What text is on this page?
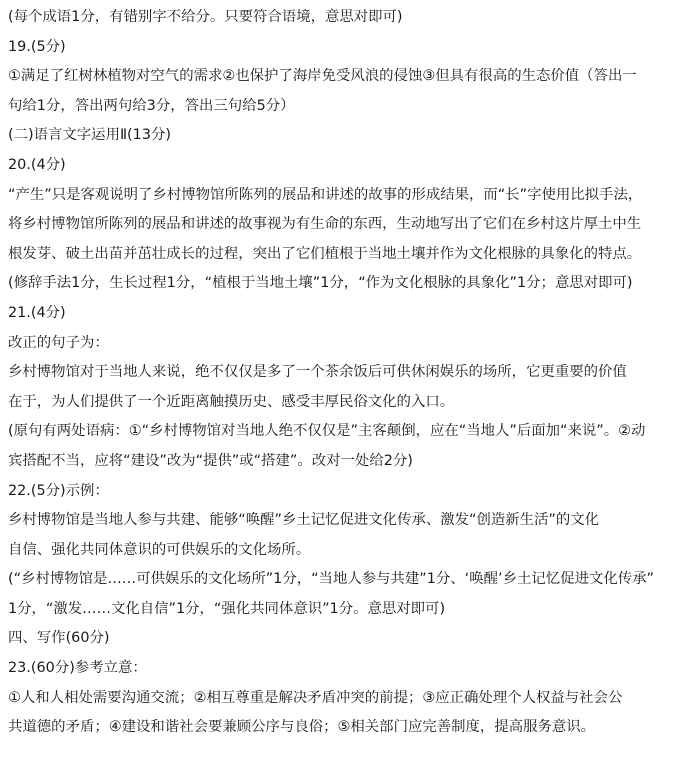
(每个成语1分，有错别字不给分。只要符合语境，意思对即可)
19.(5分)
①满足了红树林植物对空气的需求②也保护了海岸免受风浪的侵蚀③但具有很高的生态价值（答出一
句给1分，答出两句给3分，答出三句给5分）
(二)语言文字运用Ⅱ(13分)
20.(4分)
“产生”只是客观说明了乡村博物馆所陈列的展品和讲述的故事的形成结果，而“长”字使用比拟手法，
将乡村博物馆所陈列的展品和讲述的故事视为有生命的东西，生动地写出了它们在乡村这片厚土中生
根发芽、破土出苗并茁壮成长的过程，突出了它们植根于当地土壤并作为文化根脉的具象化的特点。
(修辞手法1分，生长过程1分，“植根于当地土壤”1分，“作为文化根脉的具象化”1分；意思对即可)
21.(4分)
改正的句子为：
乡村博物馆对于当地人来说，绝不仅仅是多了一个茶余饭后可供休闲娱乐的场所，它更重要的价值
在于，为人们提供了一个近距离触摸历史、感受丰厚民俗文化的入口。
(原句有两处语病：①“乡村博物馆对当地人绝不仅仅是”主客颠倒，应在“当地人”后面加“来说”。②动
宾搭配不当，应将“建设”改为“提供”或“搭建”。改对一处给2分)
22.(5分)示例：
乡村博物馆是当地人参与共建、能够“唤醒”乡土记忆促进文化传承、激发“创造新生活”的文化
自信、强化共同体意识的可供娱乐的文化场所。
(“乡村博物馆是……可供娱乐的文化场所”1分，“当地人参与共建”1分、‘唤醒’乡土记忆促进文化传承”
1分，“激发……文化自信”1分，“强化共同体意识”1分。意思对即可)
四、写作(60分)
23.(60分)参考立意：
①人和人相处需要沟通交流；②相互尊重是解决矛盾冲突的前提；③应正确处理个人权益与社会公
共道德的矛盾；④建设和谐社会要兼顾公序与良俗；⑤相关部门应完善制度，提高服务意识。
